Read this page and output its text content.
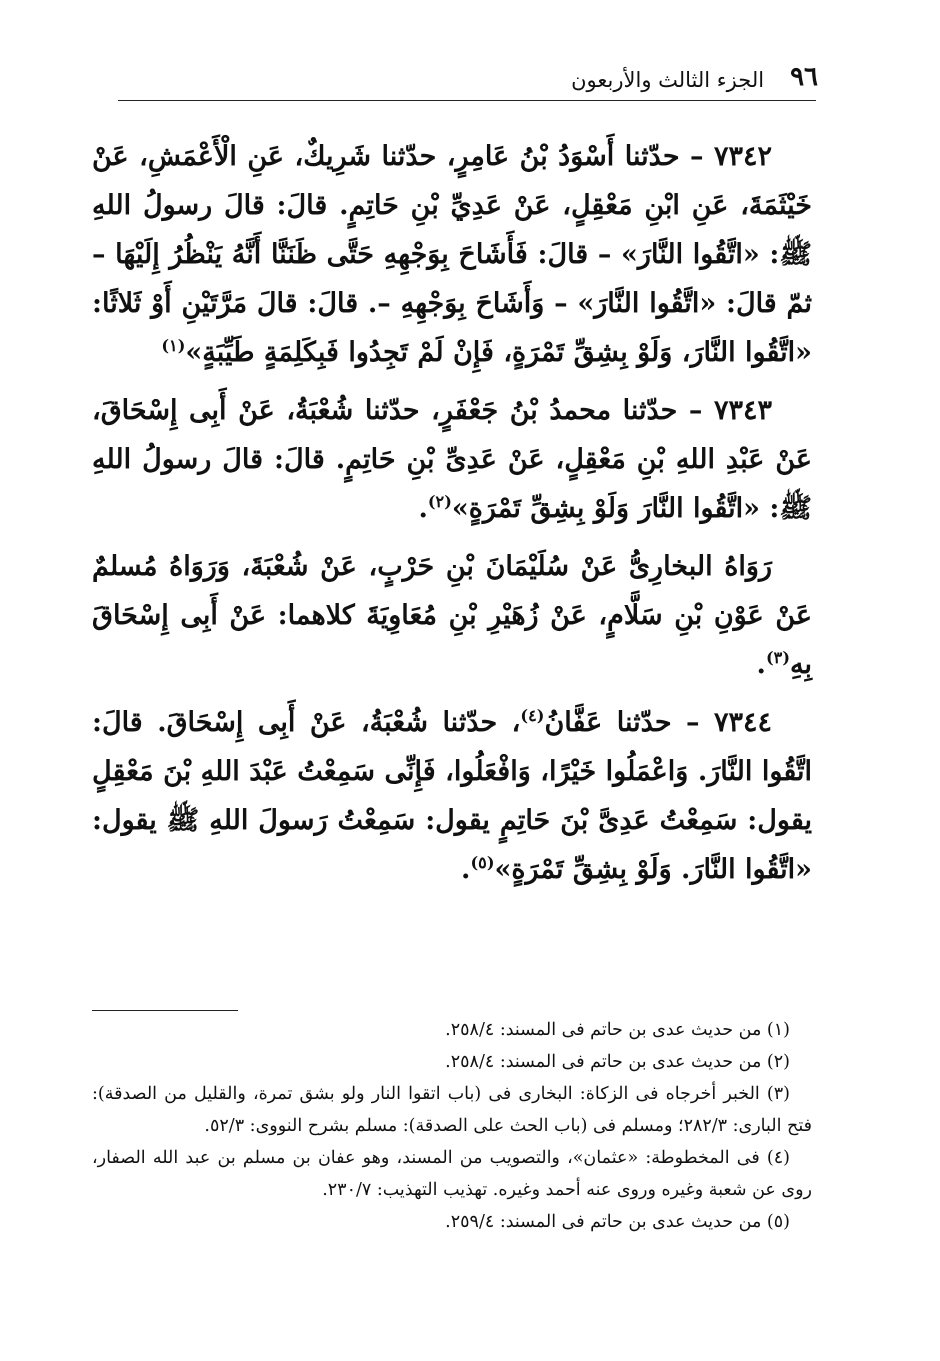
٩٦
الجزء الثالث والأربعون

٧٣٤٢ – حدّثنا أَسْوَدُ بْنُ عَامِرٍ، حدّثنا شَرِيكٌ، عَنِ الْأَعْمَشِ، عَنْ خَيْثَمَةَ، عَنِ ابْنِ مَعْقِلٍ، عَنْ عَدِيِّ بْنِ حَاتِمٍ. قالَ: قالَ رسولُ اللهِ ﷺ: «اتَّقُوا النَّارَ» – قالَ: فَأَشَاحَ بِوَجْهِهِ حَتَّى ظَنَنَّا أَنَّهُ يَنْظُرُ إِلَيْهَا – ثمّ قالَ: «اتَّقُوا النَّارَ» – وَأَشَاحَ بِوَجْهِهِ –. قالَ: قالَ مَرَّتَيْنِ أَوْ ثَلاثًا: «اتَّقُوا النَّارَ، وَلَوْ بِشِقِّ تَمْرَةٍ، فَإِنْ لَمْ تَجِدُوا فَبِكَلِمَةٍ طَيِّبَةٍ»$^{(١)}$

٧٣٤٣ – حدّثنا محمدُ بْنُ جَعْفَرٍ، حدّثنا شُعْبَةُ، عَنْ أَبِى إِسْحَاقَ، عَنْ عَبْدِ اللهِ بْنِ مَعْقِلٍ، عَنْ عَدِىِّ بْنِ حَاتِمٍ. قالَ: قالَ رسولُ اللهِ ﷺ: «اتَّقُوا النَّارَ وَلَوْ بِشِقِّ تَمْرَةٍ»$^{(٢)}$.

رَوَاهُ البخارِىُّ عَنْ سُلَيْمَانَ بْنِ حَرْبٍ، عَنْ شُعْبَةَ، وَرَوَاهُ مُسلمٌ عَنْ عَوْنِ بْنِ سَلَّامٍ، عَنْ زُهَيْرِ بْنِ مُعَاوِيَةَ كلاهما: عَنْ أَبِى إِسْحَاقَ بِهِ$^{(٣)}$.

٧٣٤٤ – حدّثنا عَفَّانُ$^{(٤)}$، حدّثنا شُعْبَةُ، عَنْ أَبِى إِسْحَاقَ. قالَ: اتَّقُوا النَّارَ. وَاعْمَلُوا خَيْرًا، وَافْعَلُوا، فَإِنِّى سَمِعْتُ عَبْدَ اللهِ بْنَ مَعْقِلٍ يقول: سَمِعْتُ عَدِىَّ بْنَ حَاتِمٍ يقول: سَمِعْتُ رَسولَ اللهِ ﷺ يقول: «اتَّقُوا النَّارَ. وَلَوْ بِشِقِّ تَمْرَةٍ»$^{(٥)}$.

(١) من حديث عدى بن حاتم فى المسند: ٢٥٨/٤.

(٢) من حديث عدى بن حاتم فى المسند: ٢٥٨/٤.

(٣) الخبر أخرجاه فى الزكاة: البخارى فى (باب اتقوا النار ولو بشق تمرة، والقليل من الصدقة): فتح البارى: ٢٨٢/٣؛ ومسلم فى (باب الحث على الصدقة): مسلم بشرح النووى: ٥٢/٣.

(٤) فى المخطوطة: «عثمان»، والتصويب من المسند، وهو عفان بن مسلم بن عبد الله الصفار، روى عن شعبة وغيره وروى عنه أحمد وغيره. تهذيب التهذيب: ٢٣٠/٧.

(٥) من حديث عدى بن حاتم فى المسند: ٢٥٩/٤.
